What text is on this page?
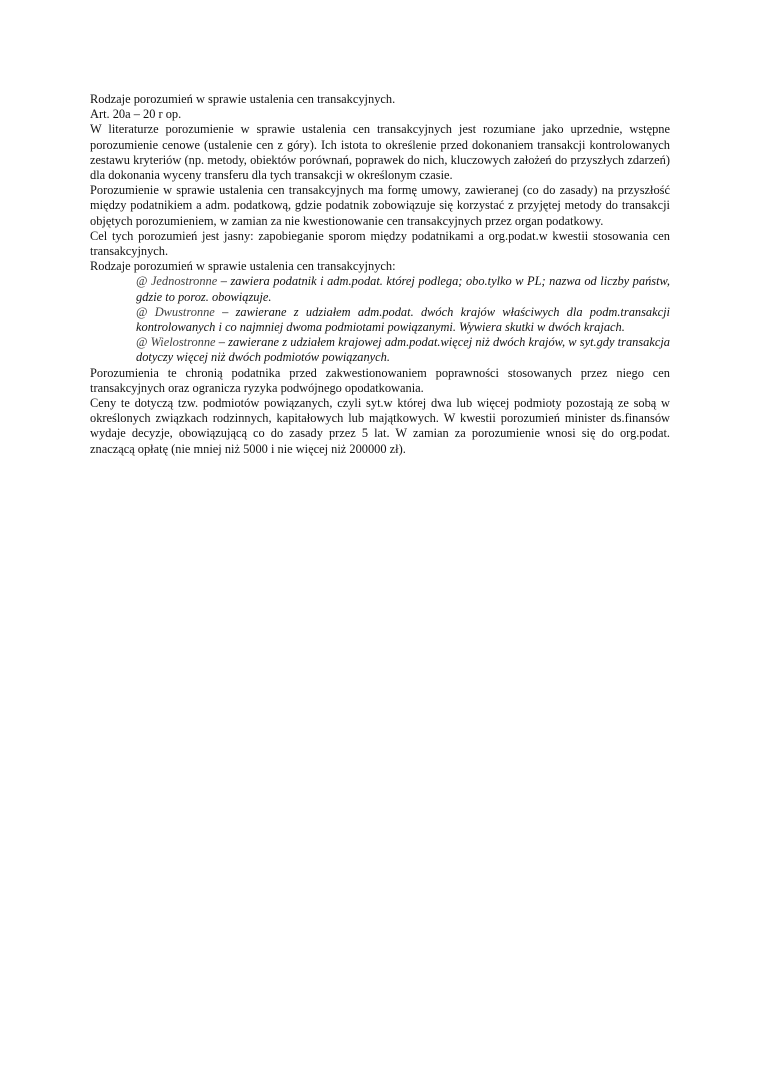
Rodzaje porozumień w sprawie ustalenia cen transakcyjnych.

Art. 20a – 20 r op.

W literaturze porozumienie w sprawie ustalenia cen transakcyjnych jest rozumiane jako uprzednie, wstępne porozumienie cenowe (ustalenie cen z góry). Ich istota to określenie przed dokonaniem transakcji kontrolowanych zestawu kryteriów (np. metody, obiektów porównań, poprawek do nich, kluczowych założeń do przyszłych zdarzeń) dla dokonania wyceny transferu dla tych transakcji w określonym czasie.

Porozumienie w sprawie ustalenia cen transakcyjnych ma formę umowy, zawieranej (co do zasady) na przyszłość między podatnikiem a adm. podatkową, gdzie podatnik zobowiązuje się korzystać z przyjętej metody do transakcji objętych porozumieniem, w zamian za nie kwestionowanie cen transakcyjnych przez organ podatkowy.

Cel tych porozumień jest jasny: zapobieganie sporom między podatnikami a org.podat.w kwestii stosowania cen transakcyjnych.

Rodzaje porozumień w sprawie ustalenia cen transakcyjnych:

@ Jednostronne – zawiera podatnik i adm.podat. której podlega; obo.tylko w PL; nazwa od liczby państw, gdzie to poroz. obowiązuje.
@ Dwustronne – zawierane z udziałem adm.podat. dwóch krajów właściwych dla podm.transakcji kontrolowanych i co najmniej dwoma podmiotami powiązanymi. Wywiera skutki w dwóch krajach.
@ Wielostronne – zawierane z udziałem krajowej adm.podat.więcej niż dwóch krajów, w syt.gdy transakcja dotyczy więcej niż dwóch podmiotów powiązanych.

Porozumienia te chronią podatnika przed zakwestionowaniem poprawności stosowanych przez niego cen transakcyjnych oraz ogranicza ryzyka podwójnego opodatkowania.

Ceny te dotyczą tzw. podmiotów powiązanych, czyli syt.w której dwa lub więcej podmioty pozostają ze sobą w określonych związkach rodzinnych, kapitałowych lub majątkowych. W kwestii porozumień minister ds.finansów wydaje decyzje, obowiązującą co do zasady przez 5 lat. W zamian za porozumienie wnosi się do org.podat. znaczącą opłatę (nie mniej niż 5000 i nie więcej niż 200000 zł).
